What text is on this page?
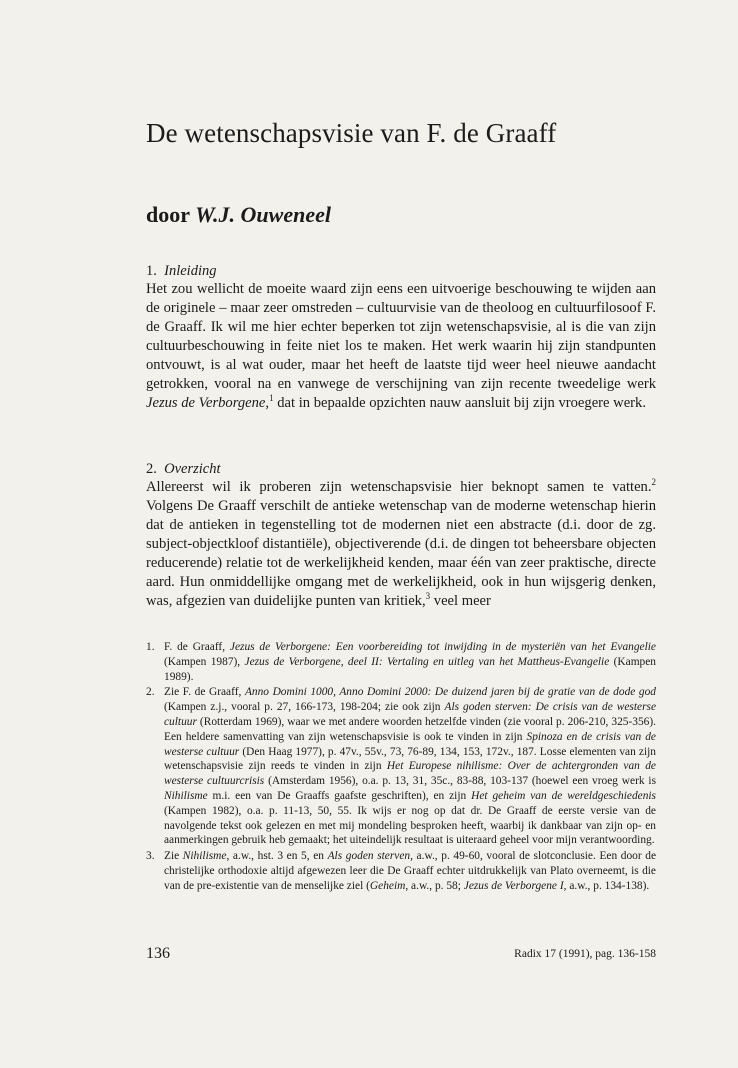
De wetenschapsvisie van F. de Graaff
door W.J. Ouweneel
1. Inleiding

Het zou wellicht de moeite waard zijn eens een uitvoerige beschouwing te wijden aan de originele – maar zeer omstreden – cultuurvisie van de theoloog en cultuurfilosoof F. de Graaff. Ik wil me hier echter beperken tot zijn wetenschapsvisie, al is die van zijn cultuurbeschouwing in feite niet los te maken. Het werk waarin hij zijn standpunten ontvouwt, is al wat ouder, maar het heeft de laatste tijd weer heel nieuwe aandacht getrokken, vooral na en vanwege de verschijning van zijn recente tweedelige werk Jezus de Verborgene,$^1$ dat in bepaalde opzichten nauw aansluit bij zijn vroegere werk.

2. Overzicht

Allereerst wil ik proberen zijn wetenschapsvisie hier beknopt samen te vatten.$^2$ Volgens De Graaff verschilt de antieke wetenschap van de moderne wetenschap hierin dat de antieken in tegenstelling tot de modernen niet een abstracte (d.i. door de zg. subject-objectkloof distantiële), objectiverende (d.i. de dingen tot beheersbare objecten reducerende) relatie tot de werkelijkheid kenden, maar één van zeer praktische, directe aard. Hun onmiddellijke omgang met de werkelijkheid, ook in hun wijsgerig denken, was, afgezien van duidelijke punten van kritiek,$^3$ veel meer

1. F. de Graaff, Jezus de Verborgene: Een voorbereiding tot inwijding in de mysteriën van het Evangelie (Kampen 1987), Jezus de Verborgene, deel II: Vertaling en uitleg van het Mattheus-Evangelie (Kampen 1989).

2. Zie F. de Graaff, Anno Domini 1000, Anno Domini 2000: De duizend jaren bij de gratie van de dode god (Kampen z.j., vooral p. 27, 166-173, 198-204; zie ook zijn Als goden sterven: De crisis van de westerse cultuur (Rotterdam 1969), waar we met andere woorden hetzelfde vinden (zie vooral p. 206-210, 325-356). Een heldere samenvatting van zijn wetenschapsvisie is ook te vinden in zijn Spinoza en de crisis van de westerse cultuur (Den Haag 1977), p. 47v., 55v., 73, 76-89, 134, 153, 172v., 187. Losse elementen van zijn wetenschapsvisie zijn reeds te vinden in zijn Het Europese nihilisme: Over de achtergronden van de westerse cultuurcrisis (Amsterdam 1956), o.a. p. 13, 31, 35c., 83-88, 103-137 (hoewel een vroeg werk is Nihilisme m.i. een van De Graaffs gaafste geschriften), en zijn Het geheim van de wereldgeschiedenis (Kampen 1982), o.a. p. 11-13, 50, 55. Ik wijs er nog op dat dr. De Graaff de eerste versie van de navolgende tekst ook gelezen en met mij mondeling besproken heeft, waarbij ik dankbaar van zijn op- en aanmerkingen gebruik heb gemaakt; het uiteindelijk resultaat is uiteraard geheel voor mijn verantwoording.

3. Zie Nihilisme, a.w., hst. 3 en 5, en Als goden sterven, a.w., p. 49-60, vooral de slotconclusie. Een door de christelijke orthodoxie altijd afgewezen leer die De Graaff echter uitdrukkelijk van Plato overneemt, is die van de pre-existentie van de menselijke ziel (Geheim, a.w., p. 58; Jezus de Verborgene I, a.w., p. 134-138).

136	Radix 17 (1991), pag. 136-158
